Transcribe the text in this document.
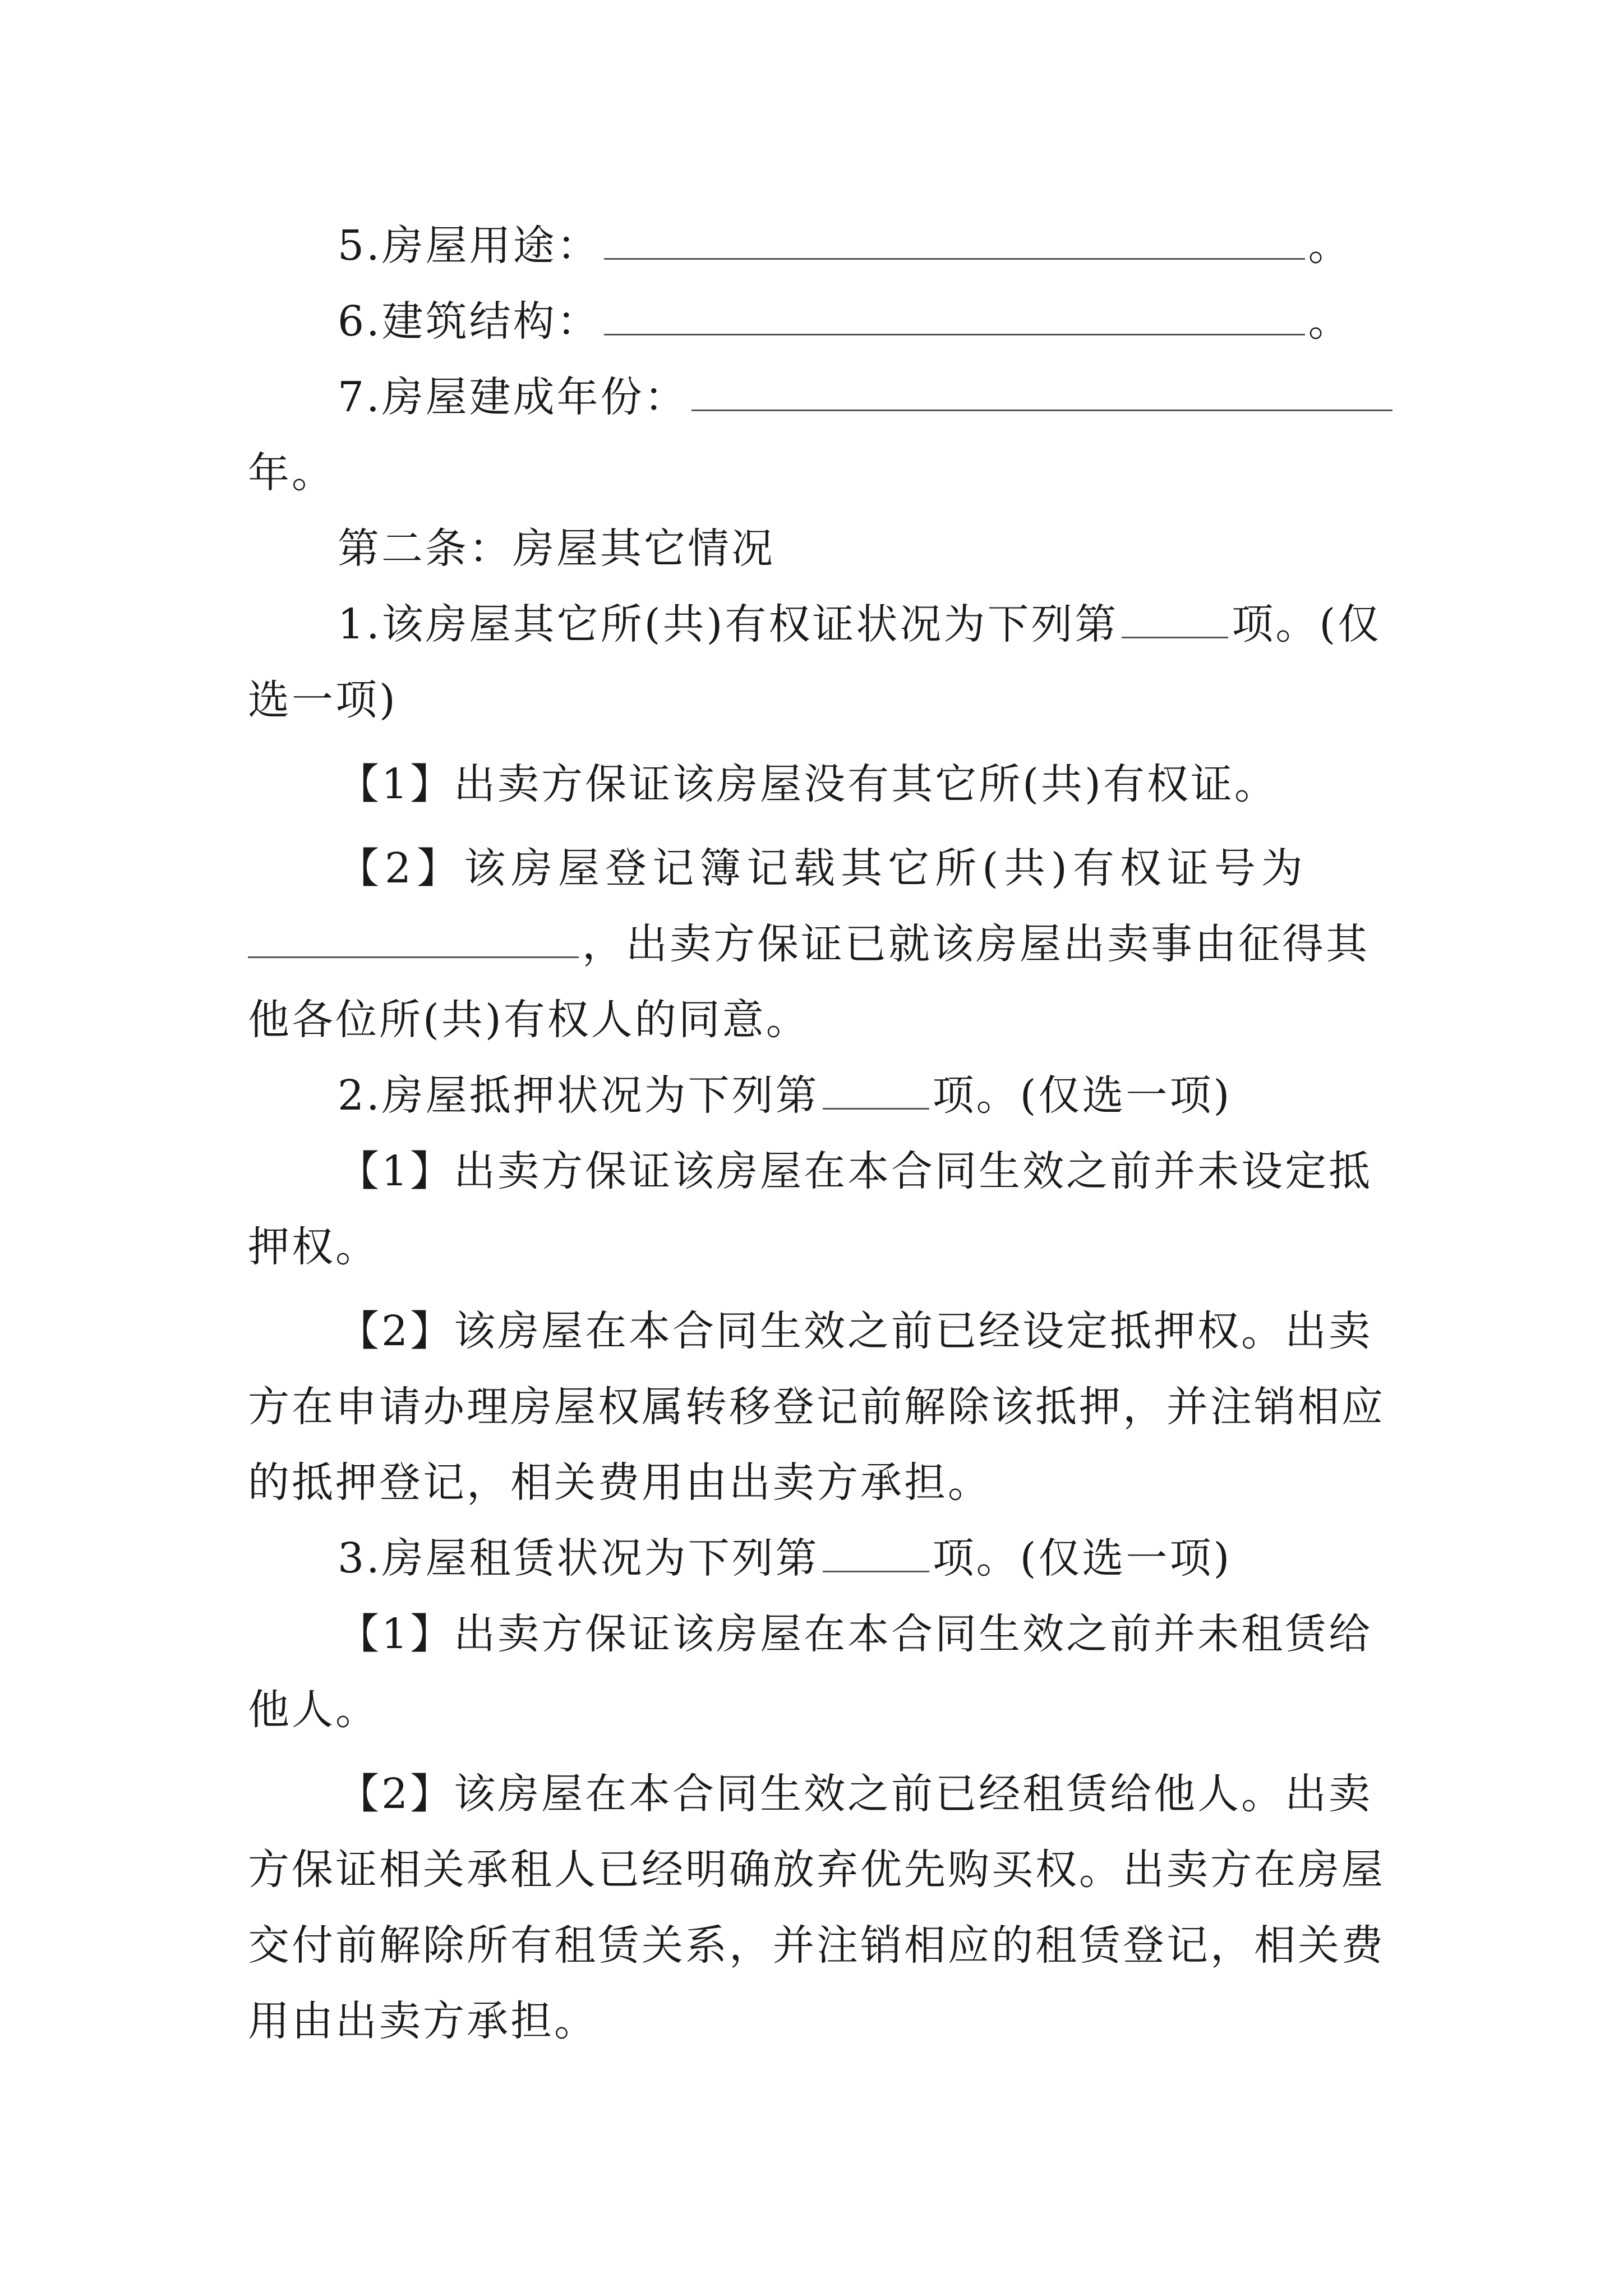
5.房屋用途：	。
6.建筑结构：	。
7.房屋建成年份：
年。
第二条：房屋其它情况
1.该房屋其它所(共)有权证状况为下列第	项。(仅
选一项)
【1】出卖方保证该房屋没有其它所(共)有权证。
【2】该房屋登记簿记载其它所(共)有权证号为
，出卖方保证已就该房屋出卖事由征得其
他各位所(共)有权人的同意。
2.房屋抵押状况为下列第	项。(仅选一项)
【1】出卖方保证该房屋在本合同生效之前并未设定抵
押权。
【2】该房屋在本合同生效之前已经设定抵押权。出卖
方在申请办理房屋权属转移登记前解除该抵押，并注销相应
的抵押登记，相关费用由出卖方承担。
3.房屋租赁状况为下列第	项。(仅选一项)
【1】出卖方保证该房屋在本合同生效之前并未租赁给
他人。
【2】该房屋在本合同生效之前已经租赁给他人。出卖
方保证相关承租人已经明确放弃优先购买权。出卖方在房屋
交付前解除所有租赁关系，并注销相应的租赁登记，相关费
用由出卖方承担。
